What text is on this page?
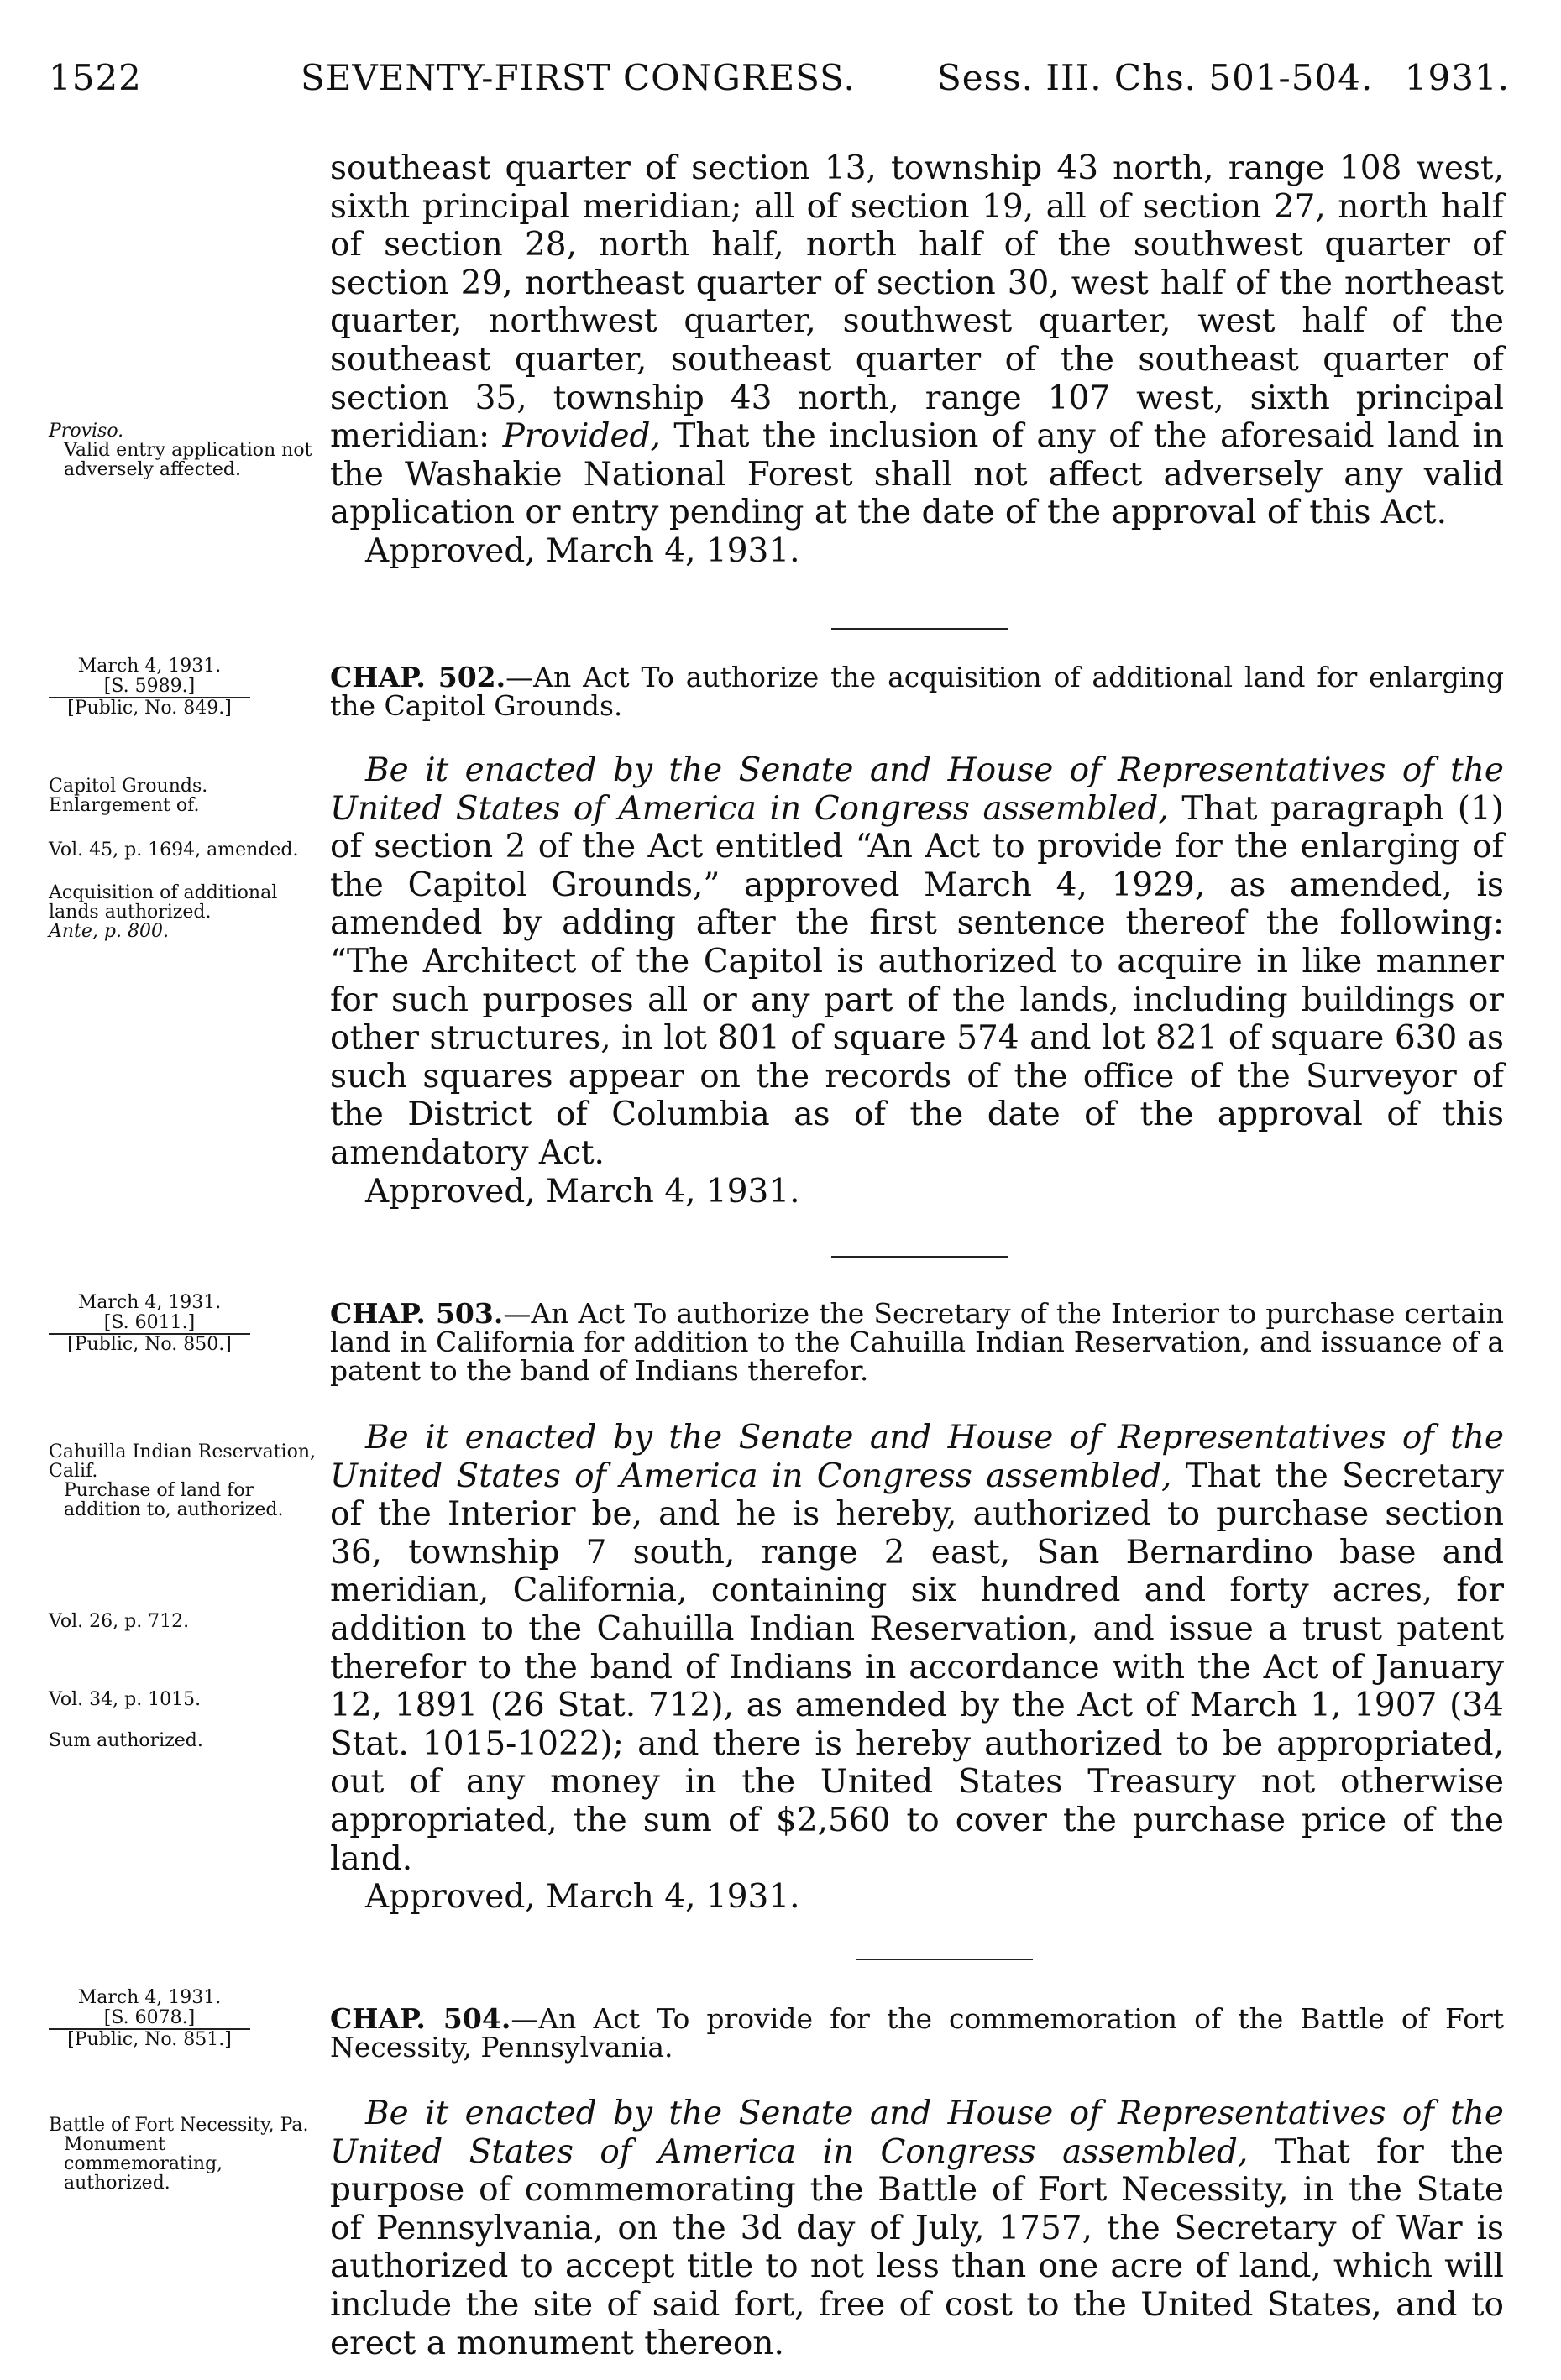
1522	SEVENTY-FIRST CONGRESS. Sess. III. Chs. 501-504. 1931.

southeast quarter of section 13, township 43 north, range 108 west, sixth principal meridian; all of section 19, all of section 27, north half of section 28, north half, north half of the southwest quarter of section 29, northeast quarter of section 30, west half of the northeast quarter, northwest quarter, southwest quarter, west half of the southeast quarter, southeast quarter of the southeast quarter of section 35, township 43 north, range 107 west, sixth principal meridian: Provided, That the inclusion of any of the aforesaid land in the Washakie National Forest shall not affect adversely any valid application or entry pending at the date of the approval of this Act.

Approved, March 4, 1931.
Proviso.
Valid entry application not adversely affected.
March 4, 1931.
[S. 5989.]
[Public, No. 849.]
CHAP. 502.—An Act To authorize the acquisition of additional land for enlarging the Capitol Grounds.

Be it enacted by the Senate and House of Representatives of the United States of America in Congress assembled, That paragraph (1) of section 2 of the Act entitled “An Act to provide for the enlarging of the Capitol Grounds,” approved March 4, 1929, as amended, is amended by adding after the first sentence thereof the following: “The Architect of the Capitol is authorized to acquire in like manner for such purposes all or any part of the lands, including buildings or other structures, in lot 801 of square 574 and lot 821 of square 630 as such squares appear on the records of the office of the Surveyor of the District of Columbia as of the date of the approval of this amendatory Act.

Approved, March 4, 1931.
Capitol Grounds.
Enlargement of.
Vol. 45, p. 1694, amended.
Acquisition of additional lands authorized.
Ante, p. 800.
March 4, 1931.
[S. 6011.]
[Public, No. 850.]
CHAP. 503.—An Act To authorize the Secretary of the Interior to purchase certain land in California for addition to the Cahuilla Indian Reservation, and issuance of a patent to the band of Indians therefor.

Be it enacted by the Senate and House of Representatives of the United States of America in Congress assembled, That the Secretary of the Interior be, and he is hereby, authorized to purchase section 36, township 7 south, range 2 east, San Bernardino base and meridian, California, containing six hundred and forty acres, for addition to the Cahuilla Indian Reservation, and issue a trust patent therefor to the band of Indians in accordance with the Act of January 12, 1891 (26 Stat. 712), as amended by the Act of March 1, 1907 (34 Stat. 1015-1022); and there is hereby authorized to be appropriated, out of any money in the United States Treasury not otherwise appropriated, the sum of $2,560 to cover the purchase price of the land.

Approved, March 4, 1931.
Cahuilla Indian Reservation, Calif.
Purchase of land for addition to, authorized.
Vol. 26, p. 712.
Vol. 34, p. 1015.
Sum authorized.
March 4, 1931.
[S. 6078.]
[Public, No. 851.]
CHAP. 504.—An Act To provide for the commemoration of the Battle of Fort Necessity, Pennsylvania.

Be it enacted by the Senate and House of Representatives of the United States of America in Congress assembled, That for the purpose of commemorating the Battle of Fort Necessity, in the State of Pennsylvania, on the 3d day of July, 1757, the Secretary of War is authorized to accept title to not less than one acre of land, which will include the site of said fort, free of cost to the United States, and to erect a monument thereon.

Battle of Fort Necessity, Pa.
Monument commemorating, authorized.
